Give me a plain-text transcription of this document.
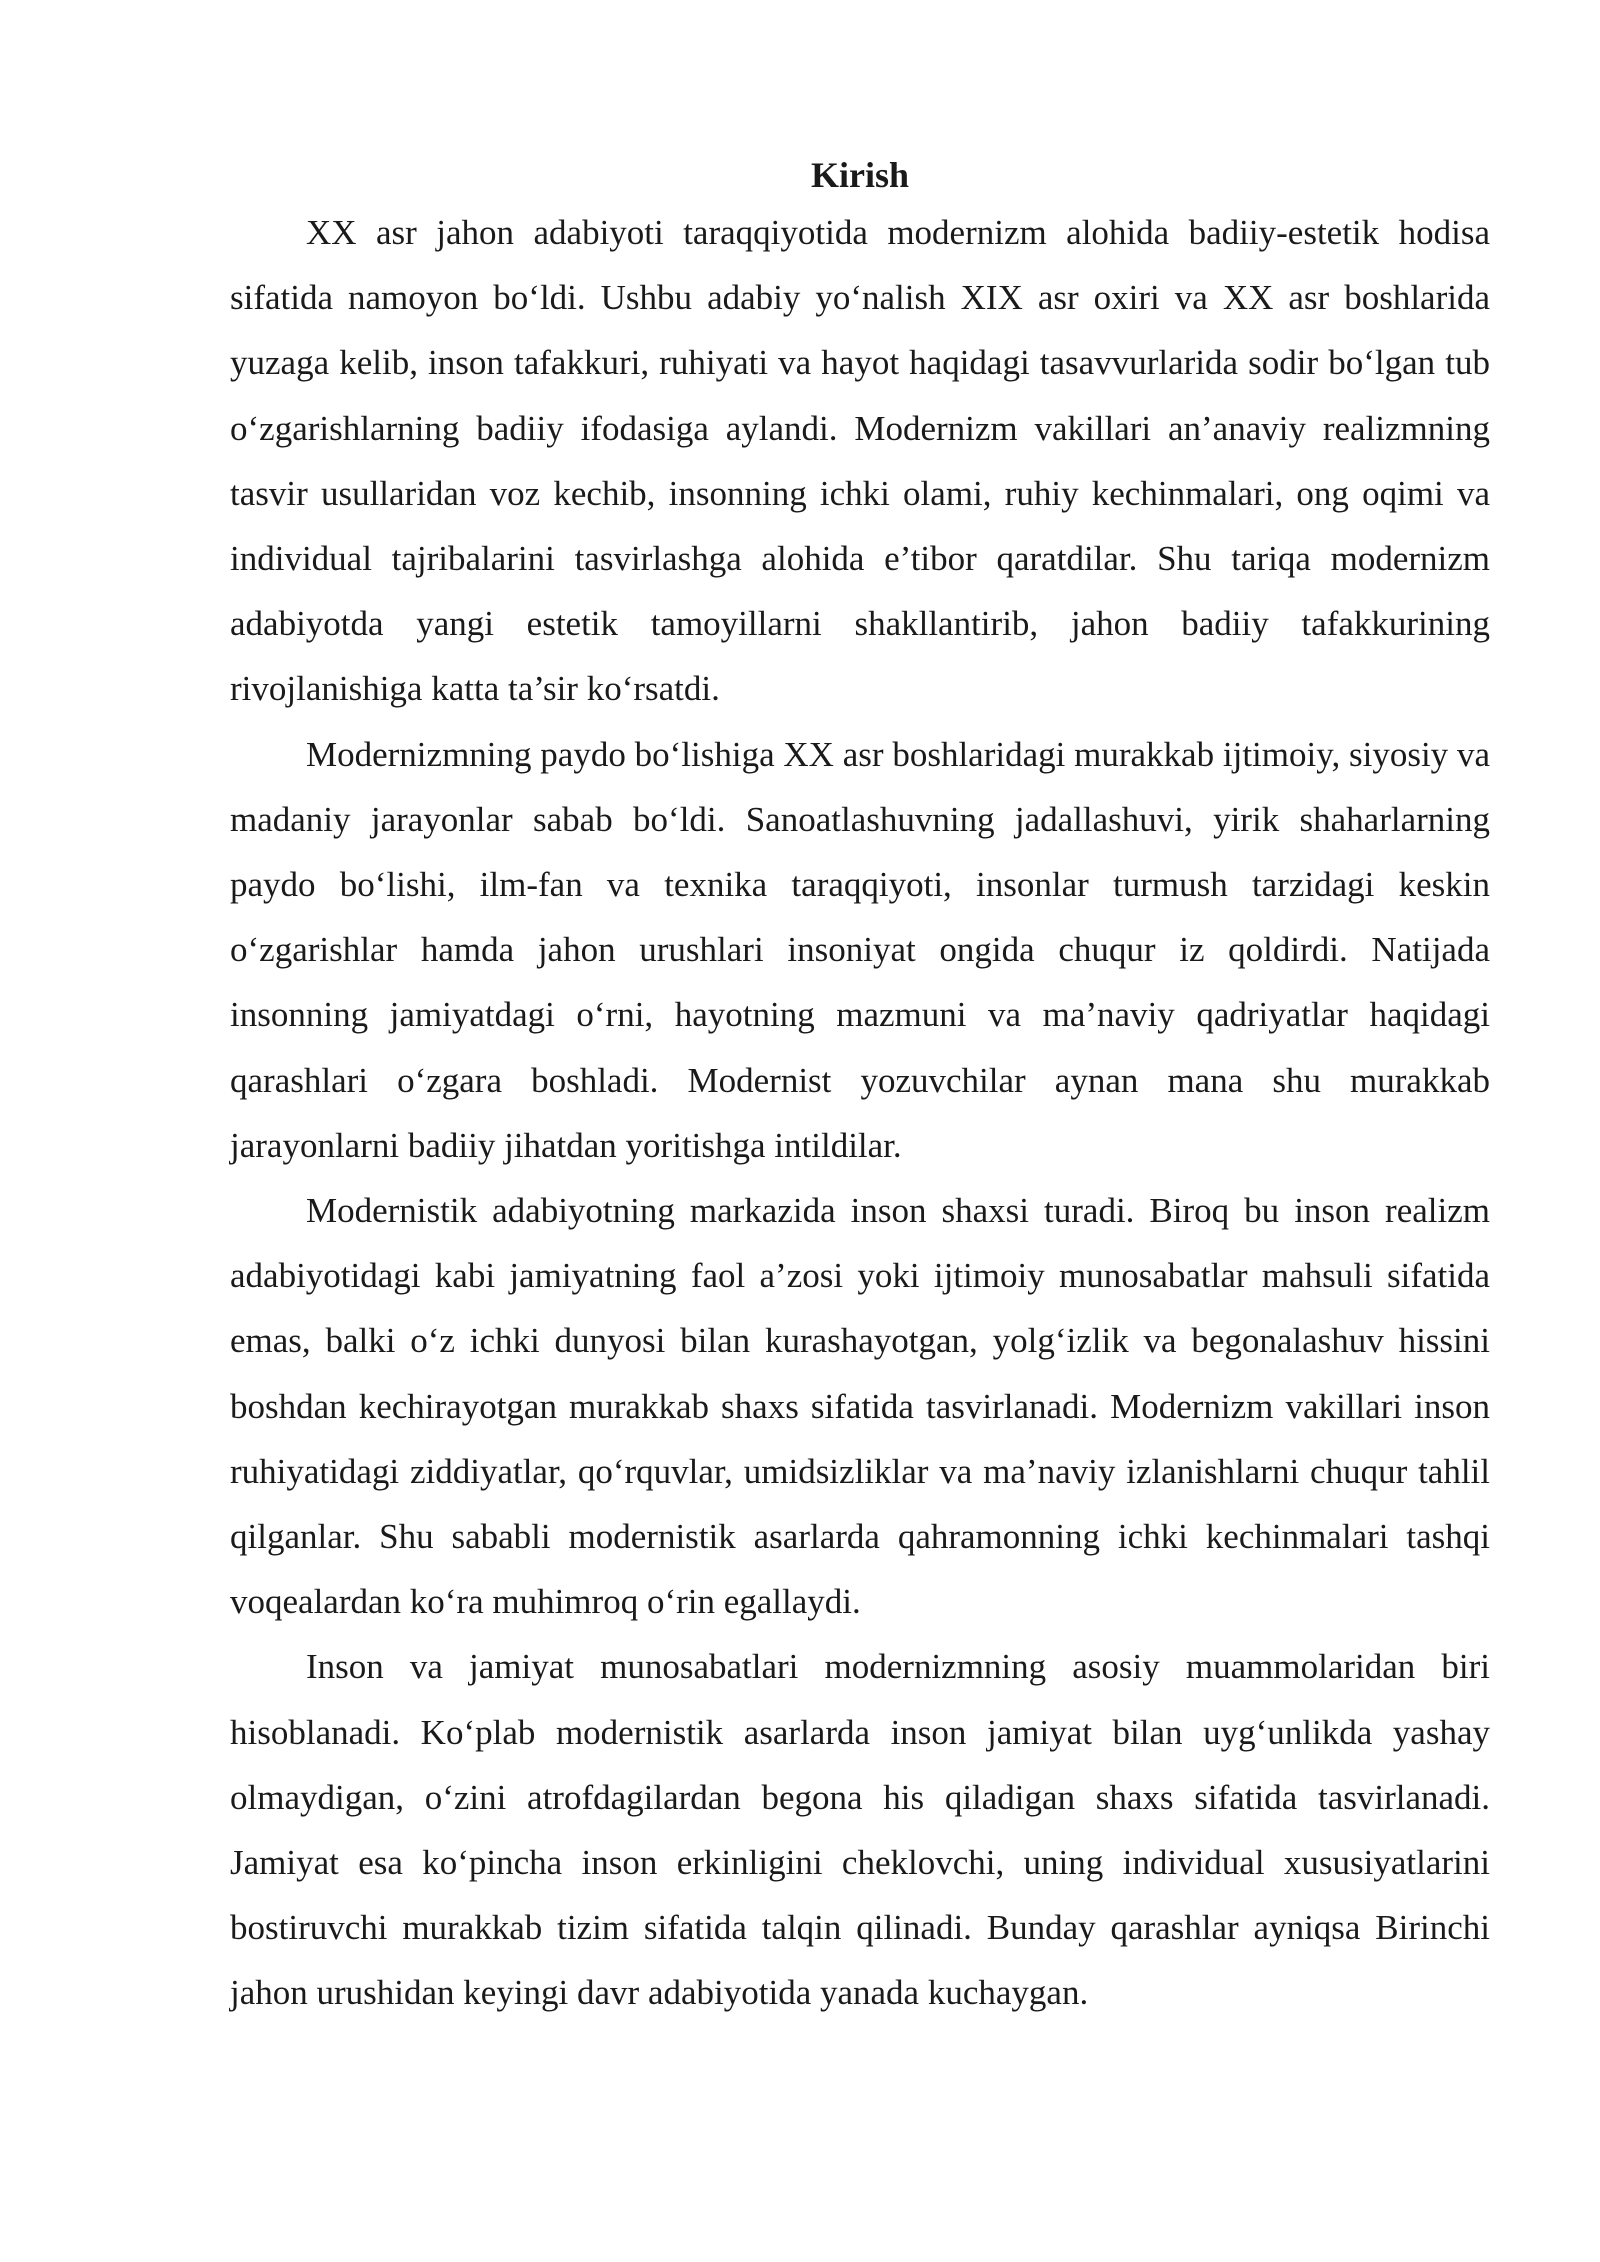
Kirish

XX asr jahon adabiyoti taraqqiyotida modernizm alohida badiiy-estetik hodisa sifatida namoyon bo‘ldi. Ushbu adabiy yo‘nalish XIX asr oxiri va XX asr boshlarida yuzaga kelib, inson tafakkuri, ruhiyati va hayot haqidagi tasavvurlarida sodir bo‘lgan tub o‘zgarishlarning badiiy ifodasiga aylandi. Modernizm vakillari an’anaviy realizmning tasvir usullaridan voz kechib, insonning ichki olami, ruhiy kechinmalari, ong oqimi va individual tajribalarini tasvirlashga alohida e’tibor qaratdilar. Shu tariqa modernizm adabiyotda yangi estetik tamoyillarni shakllantirib, jahon badiiy tafakkurining rivojlanishiga katta ta’sir ko‘rsatdi.

Modernizmning paydo bo‘lishiga XX asr boshlaridagi murakkab ijtimoiy, siyosiy va madaniy jarayonlar sabab bo‘ldi. Sanoatlashuvning jadallashuvi, yirik shaharlarning paydo bo‘lishi, ilm-fan va texnika taraqqiyoti, insonlar turmush tarzidagi keskin o‘zgarishlar hamda jahon urushlari insoniyat ongida chuqur iz qoldirdi. Natijada insonning jamiyatdagi o‘rni, hayotning mazmuni va ma’naviy qadriyatlar haqidagi qarashlari o‘zgara boshladi. Modernist yozuvchilar aynan mana shu murakkab jarayonlarni badiiy jihatdan yoritishga intildilar.

Modernistik adabiyotning markazida inson shaxsi turadi. Biroq bu inson realizm adabiyotidagi kabi jamiyatning faol a’zosi yoki ijtimoiy munosabatlar mahsuli sifatida emas, balki o‘z ichki dunyosi bilan kurashayotgan, yolg‘izlik va begonalashuv hissini boshdan kechirayotgan murakkab shaxs sifatida tasvirlanadi. Modernizm vakillari inson ruhiyatidagi ziddiyatlar, qo‘rquvlar, umidsizliklar va ma’naviy izlanishlarni chuqur tahlil qilganlar. Shu sababli modernistik asarlarda qahramonning ichki kechinmalari tashqi voqealardan ko‘ra muhimroq o‘rin egallaydi.

Inson va jamiyat munosabatlari modernizmning asosiy muammolaridan biri hisoblanadi. Ko‘plab modernistik asarlarda inson jamiyat bilan uyg‘unlikda yashay olmaydigan, o‘zini atrofdagilardan begona his qiladigan shaxs sifatida tasvirlanadi. Jamiyat esa ko‘pincha inson erkinligini cheklovchi, uning individual xususiyatlarini bostiruvchi murakkab tizim sifatida talqin qilinadi. Bunday qarashlar ayniqsa Birinchi jahon urushidan keyingi davr adabiyotida yanada kuchaygan.
